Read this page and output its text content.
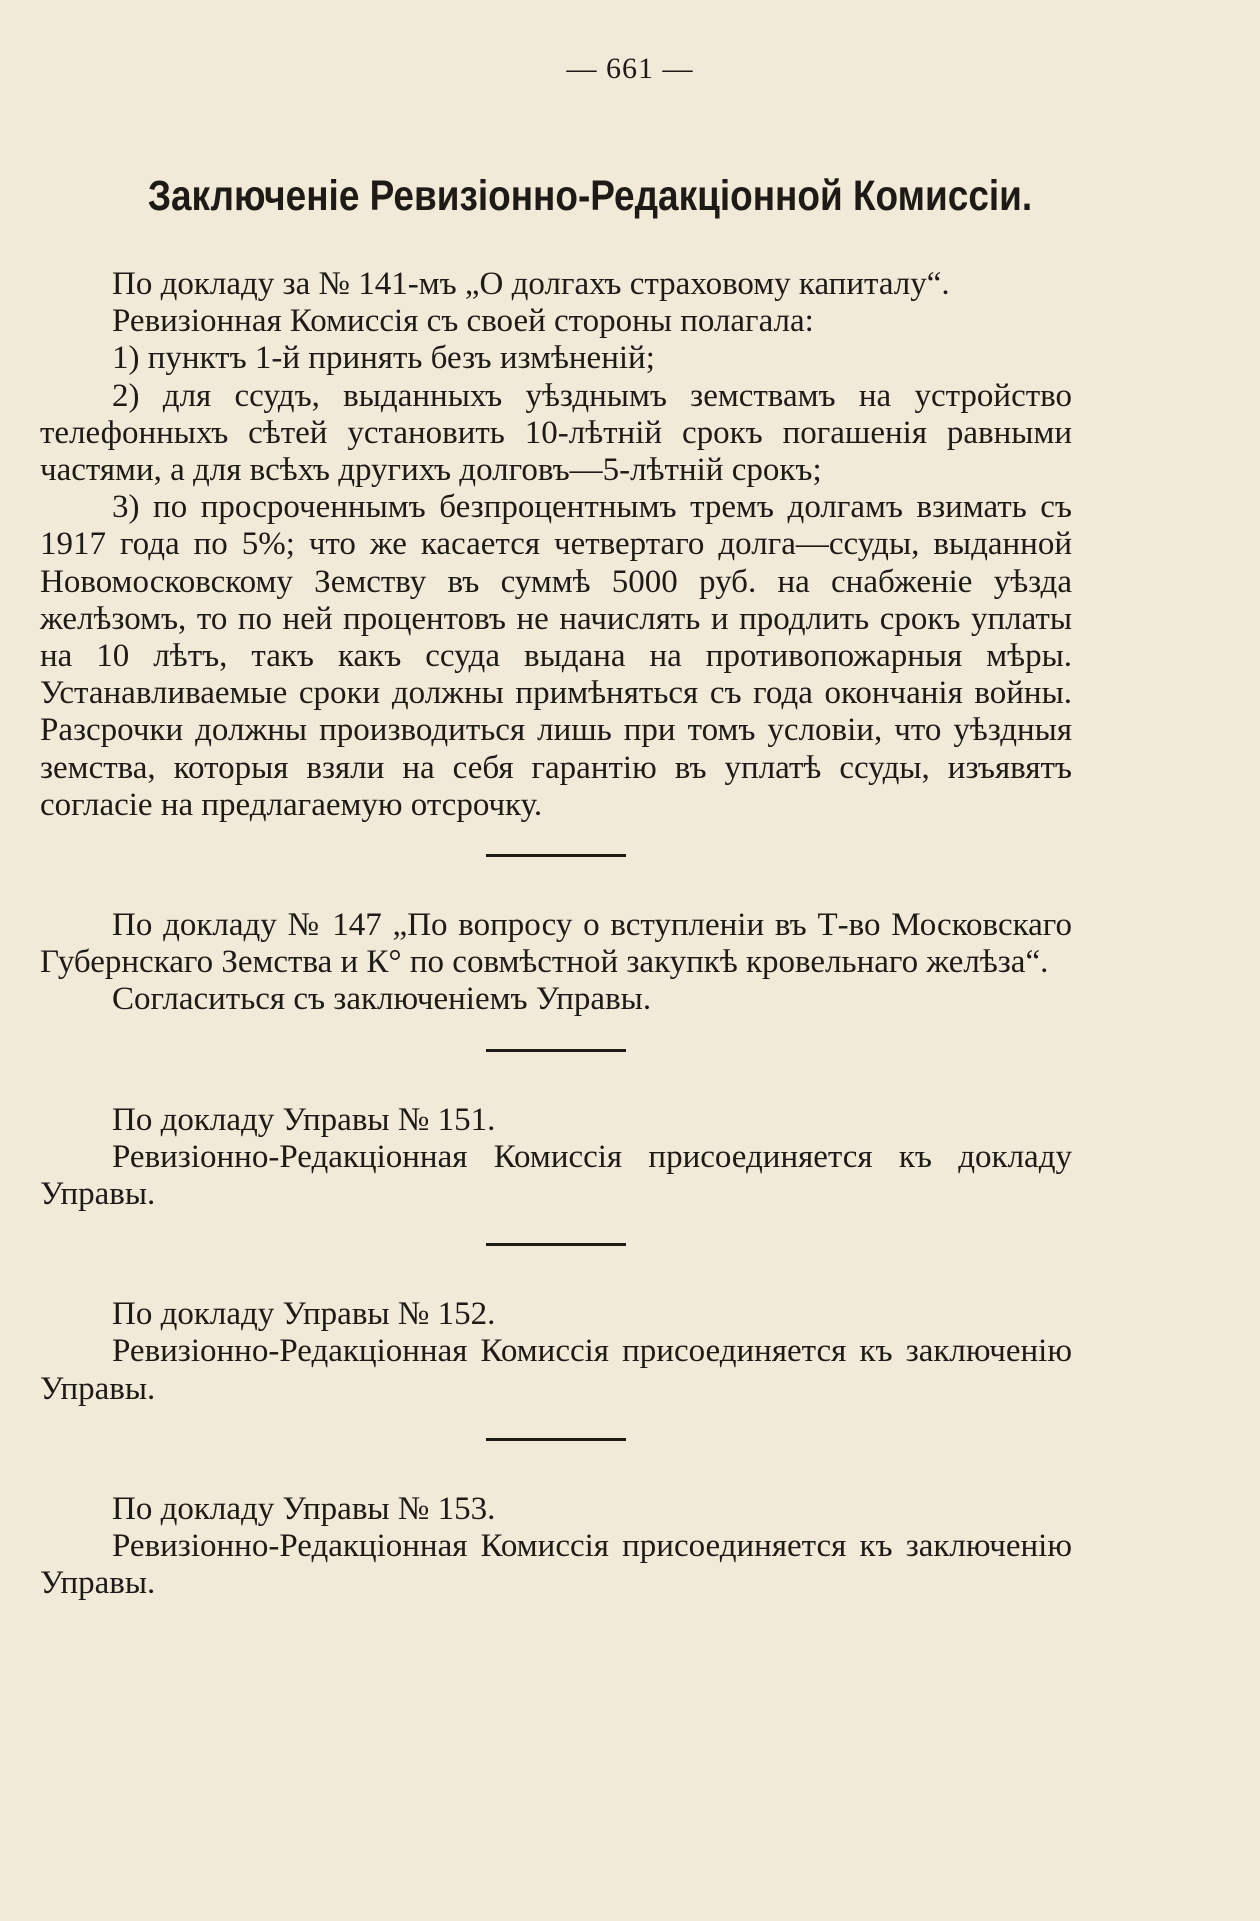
— 661 —
Заключенiе Ревизiонно-Редакцiонной Комиссiи.

По докладу за № 141-мъ „О долгахъ страховому капиталу“.

Ревизiонная Комиссiя съ своей стороны полагала:

1) пунктъ 1-й принять безъ измѣненiй;

2) для ссудъ, выданныхъ уѣзднымъ земствамъ на устройство телефонныхъ сѣтей установить 10-лѣтнiй срокъ погашенiя равными частями, а для всѣхъ другихъ долговъ—5-лѣтнiй срокъ;

3) по просроченнымъ безпроцентнымъ тремъ долгамъ взимать съ 1917 года по 5%; что же касается четвертаго долга—ссуды, выданной Новомосковскому Земству въ суммѣ 5000 руб. на снабженiе уѣзда желѣзомъ, то по ней процентовъ не начислять и продлить срокъ уплаты на 10 лѣтъ, такъ какъ ссуда выдана на противопожарныя мѣры. Устанавливаемые сроки должны примѣняться съ года окончанiя войны. Разсрочки должны производиться лишь при томъ условiи, что уѣздныя земства, которыя взяли на себя гарантiю въ уплатѣ ссуды, изъявятъ согласiе на предлагаемую отсрочку.

По докладу № 147 „По вопросу о вступленiи въ Т-во Московскаго Губернскаго Земства и К° по совмѣстной закупкѣ кровельнаго желѣза“.

Согласиться съ заключенiемъ Управы.

По докладу Управы № 151.

Ревизiонно-Редакцiонная Комиссiя присоединяется къ докладу Управы.

По докладу Управы № 152.

Ревизiонно-Редакцiонная Комиссiя присоединяется къ заключенiю Управы.

По докладу Управы № 153.

Ревизiонно-Редакцiонная Комиссiя присоединяется къ заключенiю Управы.
